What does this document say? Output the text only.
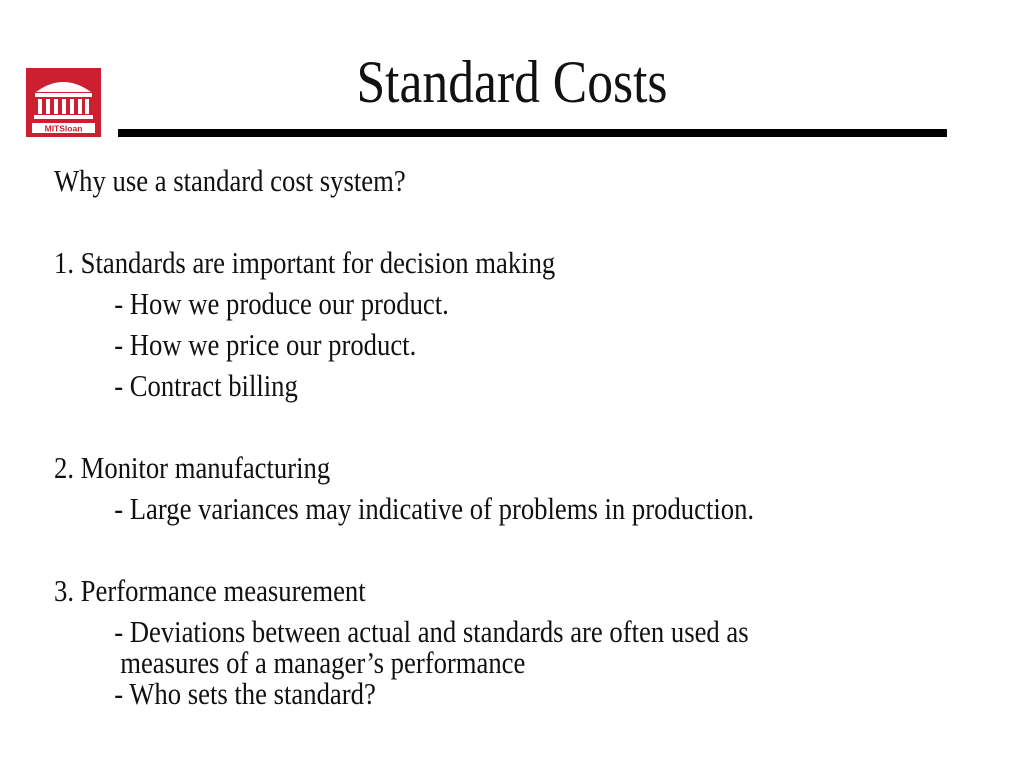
MITSloan
Standard Costs
Why use a standard cost system?
1. Standards are important for decision making
- How we produce our product.
- How we price our product.
- Contract billing
2. Monitor manufacturing
- Large variances may indicative of problems in production.
3. Performance measurement
- Deviations between actual and standards are often used as
measures of a manager’s performance
- Who sets the standard?
